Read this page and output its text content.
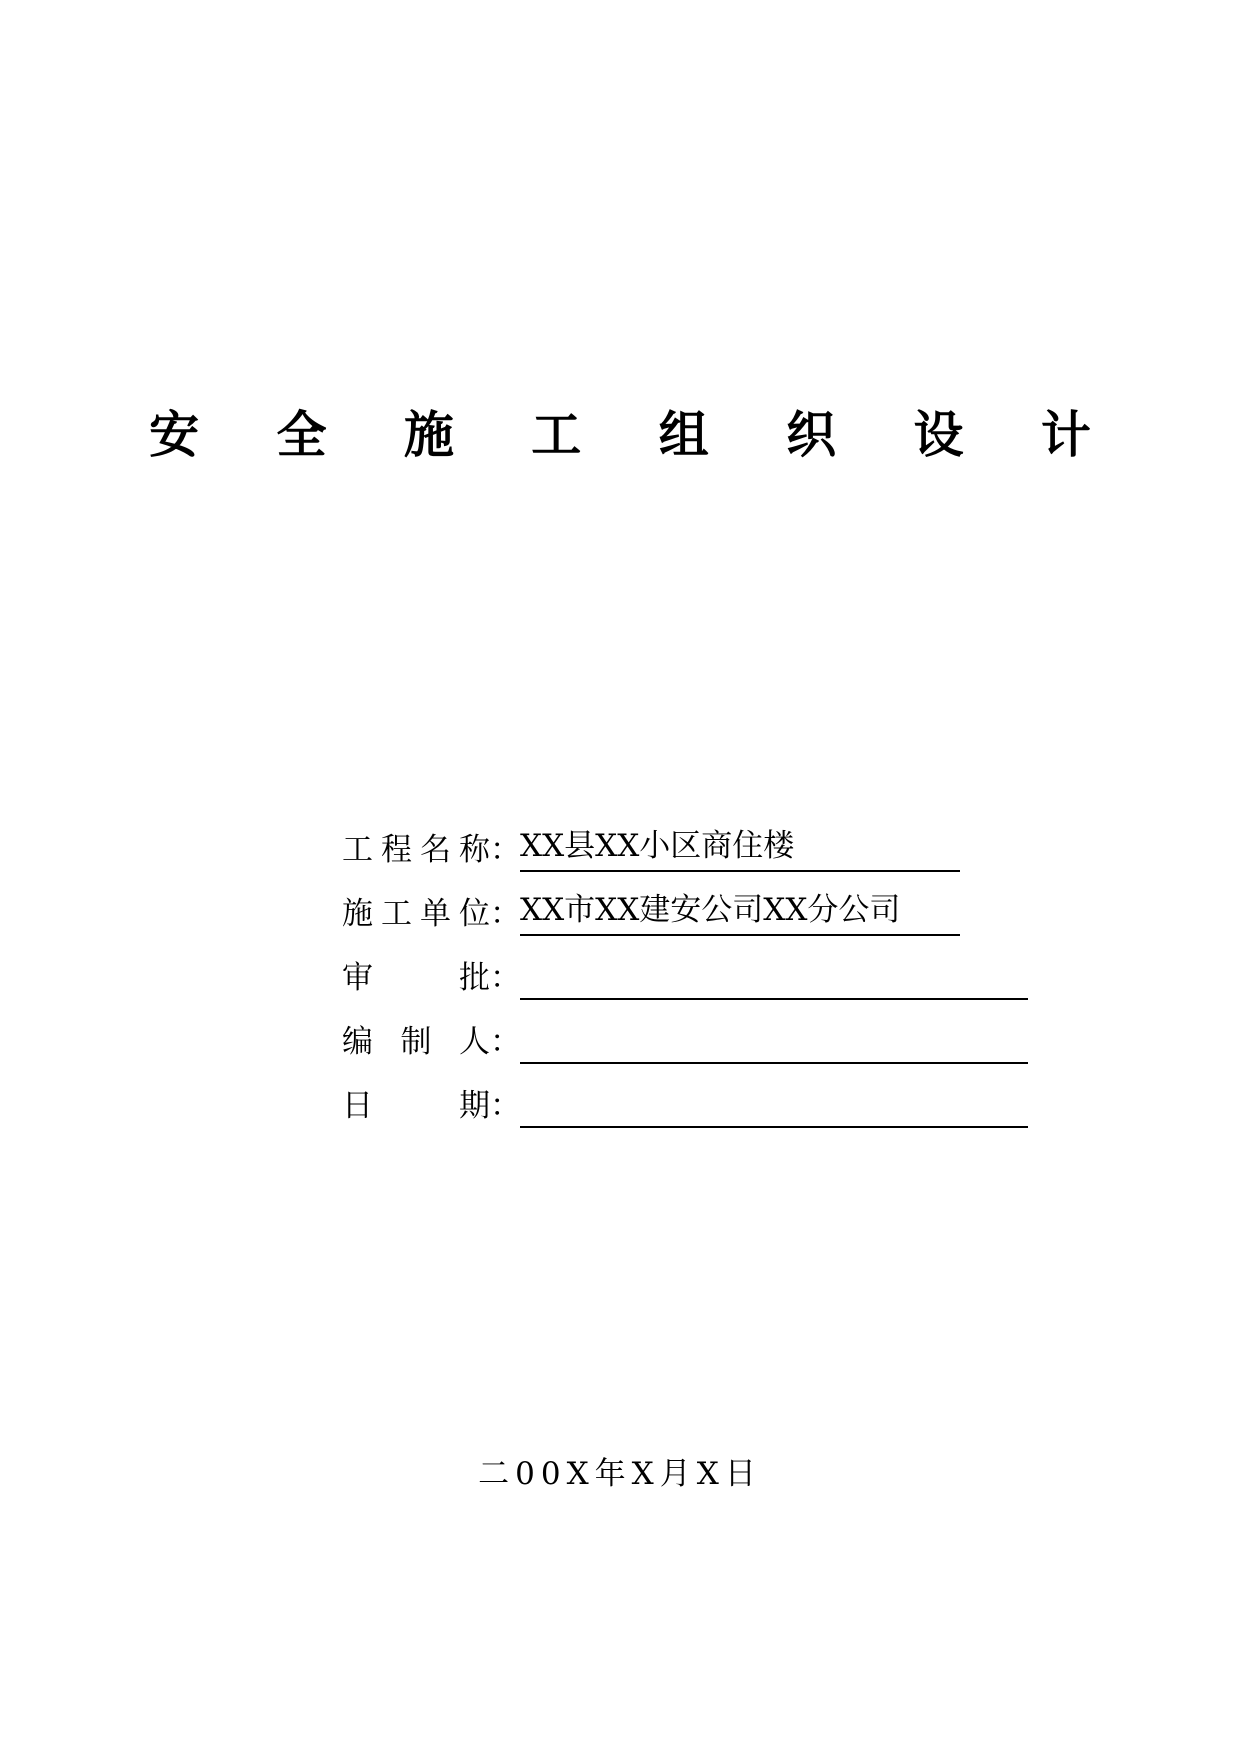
安 全 施 工 组 织 设 计
工 程 名 称 ： XX县XX小区商住楼
施 工 单 位 ： XX市XX建安公司XX分公司
审	批 ：
编 制 人 ：
日	期 ：
二00X年X月X日
